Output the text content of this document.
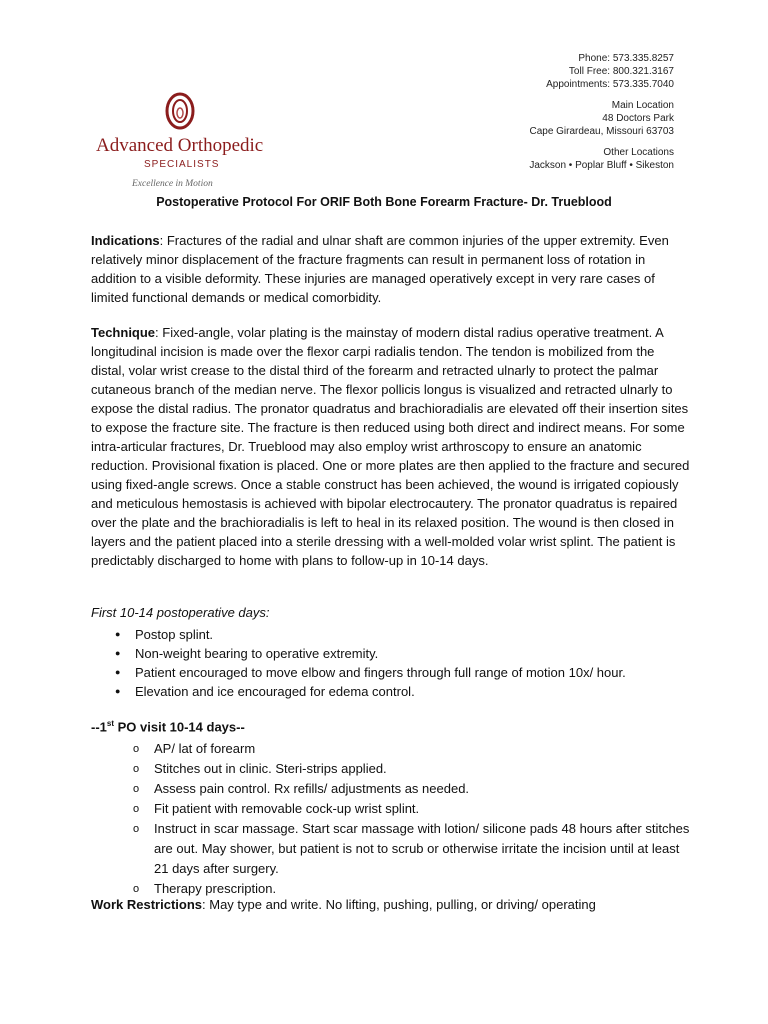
Advanced Orthopedic
SPECIALISTS
Excellence in Motion
Phone: 573.335.8257
Toll Free: 800.321.3167
Appointments: 573.335.7040
Main Location
48 Doctors Park
Cape Girardeau, Missouri 63703
Other Locations
Jackson • Poplar Bluff • Sikeston
Postoperative Protocol For ORIF Both Bone Forearm Fracture- Dr. Trueblood

Indications: Fractures of the radial and ulnar shaft are common injuries of the upper extremity. Even relatively minor displacement of the fracture fragments can result in permanent loss of rotation in addition to a visible deformity. These injuries are managed operatively except in very rare cases of limited functional demands or medical comorbidity.

Technique: Fixed-angle, volar plating is the mainstay of modern distal radius operative treatment. A longitudinal incision is made over the flexor carpi radialis tendon. The tendon is mobilized from the distal, volar wrist crease to the distal third of the forearm and retracted ulnarly to protect the palmar cutaneous branch of the median nerve. The flexor pollicis longus is visualized and retracted ulnarly to expose the distal radius. The pronator quadratus and brachioradialis are elevated off their insertion sites to expose the fracture site. The fracture is then reduced using both direct and indirect means. For some intra-articular fractures, Dr. Trueblood may also employ wrist arthroscopy to ensure an anatomic reduction. Provisional fixation is placed. One or more plates are then applied to the fracture and secured using fixed-angle screws. Once a stable construct has been achieved, the wound is irrigated copiously and meticulous hemostasis is achieved with bipolar electrocautery. The pronator quadratus is repaired over the plate and the brachioradialis is left to heal in its relaxed position. The wound is then closed in layers and the patient placed into a sterile dressing with a well-molded volar wrist splint. The patient is predictably discharged to home with plans to follow-up in 10-14 days.

First 10-14 postoperative days:
● Postop splint.
● Non-weight bearing to operative extremity.
● Patient encouraged to move elbow and fingers through full range of motion 10x/ hour.
● Elevation and ice encouraged for edema control.
--1st PO visit 10-14 days--
o AP/ lat of forearm
o Stitches out in clinic. Steri-strips applied.
o Assess pain control. Rx refills/ adjustments as needed.
o Fit patient with removable cock-up wrist splint.
o Instruct in scar massage. Start scar massage with lotion/ silicone pads 48 hours after stitches are out. May shower, but patient is not to scrub or otherwise irritate the incision until at least 21 days after surgery.
o Therapy prescription.
Work Restrictions: May type and write. No lifting, pushing, pulling, or driving/ operating
